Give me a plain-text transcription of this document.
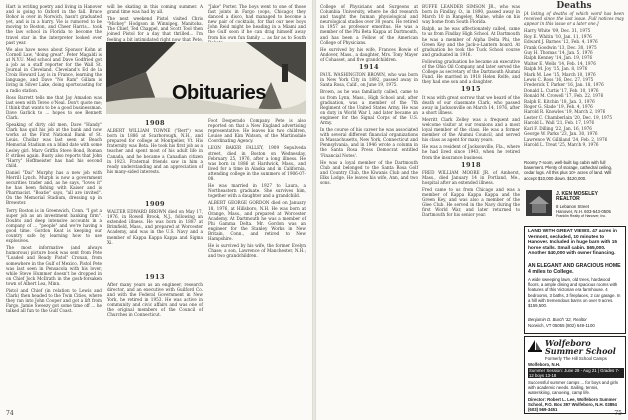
Hart is writing poetry and living in Hanover and is going to Oxford in the fall. Bruce Bohor is over in Norwich, hasn't graduated yet, and is in a hurry. Vie is rumored to be moving to Boston, and Cheer Harris... took the law school in Florida to become the travel star in the interpreter looked over past year.

We also have news about Sponsor Kohn at Cornell Law, "doing great". Peter Magaldi is at N.Y.U. Med school and Dave Godfried got a job as a staff reporter for the Wall St. Journal in Cleveland. Cleveland's Ed de la Croix Howard Lay is in France, learning the language, and Dave "No Ram" Gillam is living in Silver Lake, doing sportscasting for a radio station.

Ross Barrett tells me that Jay Amadon was last seen with Tereo o'Neal. Don't quote me; I think that wants to be a good businessman. Dave Garlick to ... hopes to see Bennett Clark.

Speaking of dirty old men, Dave "Handy" Clark has quit his job at the bank and now works at the First National Bank of St. Louis. Chollar was last seen at Beach Memorial Stadium on a blind date with some Lesley girl. Marv Griffin Steve Bond, Roman P. strikes again. Rusty also reports that John "Harry" Hoffmeister has had his second child.

Daniel "Dai" Murphy has a new job with Merrill Lynch. Murph is now a government securities trader and, as he says, "loves it" he has been fishing with Kaiser and is Pharmacist. "Boatie" says, "all are invited". On the Memorial Stadium, dressing up in Brewster.

Terry Boston is in Greenwich, Conn. "I got a super job as an investment banking firm". Doubts and deep intensive accounts in a company of ... "people" and we're having a good time. Gordon Keat is keeping our country safe by learning how to use explosives.

The most informative (and always humorous) picture book was sent from Pete "Loaded and Ready Pistol" Cronan, from somewhere in the Gulf of Mexico. Pistol Pete was last seen in Pensacola with his lover, while Steve Hummer doesn't be dropped in on Chief Jock McIlrath in the gosh-forsaken town of Albert Lea, Minn.

Pistol and Chief (in relation to Lewis and Clark) then headed to the Twin Cities, where they ran into John Cooper and got a lift from Fargo. Jamie Sweezy got some time off ... he talked all fun to the Gulf Coast.

will be skating in this coming summer. A grand time was had by all.

The next weekend Pistol visited Chris "Mickey" Hodgson in Winnipeg, Manitoba. The Chief, Ted Chappel, and Scott Tool then joined Pistol for a day that thrilled... I'm feeling a bit intimidated right now that Pete,

"Jake" Porter. The boys went to one of those fast joints in Fargo (oops, Chicago) they danced a disco, had managed to become a new pair of cocktails, for that our new boys John Reid might be heading in a Miami and the Gulf soon if he can drag himself away from his own fun family ... as far as to South

Obituaries
1908

ALBERT WILLIAM TOWNE ("Bert") was born in 1886 at Scarborough, N.H., and prepared for college at Montpelier, Vt. His fraternity was Beta. He took his first job as a teacher and spent most of his adult life in Canada, and he became a Canadian citizen in 1923. Fraternal friends saw in him a ready understanding and an appreciation of his many-sided interests.

1909

WALTER EDWARD BROWN died on May 17, 1976, in Rowell Brook, N.J., following an extended illness. He was born in 1887 at Brimfield, Mass., and prepared at Worcester Academy, and was in the U.S. Navy and a member of Kappa Kappa Kappa and Sigma Xi.

1913

After many years as an engineer, research director, and an executive with Guilford Co. and with the Federal Government in New York, he retired in 1953. He was active in community and civic affairs and was one of the original members of the Council of Churches in Connecticut.

Foot Desperado Company. Pete is also reported on that a New England advertising representative. He leaves his two children, Louise and Kim Watson, of the Martinsdale Coordinating Agency.

LEON BAKER FALLEY, 1909 Sepulveda street, died in Boston on Wednesday, February 25, 1976, after a long illness. He was born in 1886 at Hardwick, Mass., and lived for a time in Alaska and in California, attending college in the summers of 1906-07-08.

He was married in 1927 to Laura, a Northeastern graduate. She survives him, together with a daughter and a grandchild.

ALBERT GEORGE GORDON died on January 18, 1976, at Hillsboro, N.H. He was born at Orange, Mass., and prepared at Worcester Academy. At Dartmouth he was a member of Phi Gamma Delta. Mr. Gordon was an engineer for the Stanley Works in New Britain, Conn., and retired to New Hampshire.

He is survived by his wife, the former Evelyn Chase; a son, Lawrence of Manchester, N.H.; and two grandchildren.

74

College of Physicians and Surgeons at Columbia University, where he did research and taught the human physiological and neurological studies over 30 years. He retired in 1957 as professor emeritus. He was a member of the Phi Beta Kappa at Dartmouth, and has been a Fellow of the American College of Physicians.

He survived by his wife, Frances Bowie of Andover, Mass., a daughter, Mrs. Tony Mayer of Cohasset, and five grandchildren.

1914

PAUL WASHINGTON BROWN, who was born in New York City in 1892, passed away in Santa Rosa, Calif., on June 19, 1975.

Brown, as he was familiarly called, came to us from Lynn, Mass., High School and, after graduation, was a member of the 7th Regiment of the United States Army. He was on duty in World War I, and later became an engineer for the Signal Corps of the U.S. Army.

In the course of his career he was associated with several different financial organizations in Massachusetts, New York, Connecticut and Pennsylvania, and in 1946 wrote a column in the Santa Rosa Press Democrat entitled 'Financial Notes'.

He was a loyal member of the Dartmouth Club and belonged to the Santa Rosa Golf and Country Club, the Kiwanis Club and the Elks Lodge. He leaves his wife, Ann, and two sons.

BUFFE LEANDER SIMSON JR., who was born in Findlay, O., in 1890, passed away in March 10 in Rangeley, Maine, while on his way home from South Florida.

Ralph, as he was affectionately called, came to us from Findlay High School. At Dartmouth he was a member of Alpha Delta Phi, the Green Key and the Jack-o-Lantern board. At graduation he took the Tuck School course and graduated in 1916.

Following graduation he became an executive of the Ohio Oil Company and later served the College as secretary of the Dartmouth Alumni Fund. He married in 1918 Helen Rolfe, and they had one son and a daughter.

1915

It was with great sorrow that we heard of the death of our classmate Clark, who passed away in Jacksonville on March 14, 1976, after a short illness.

Merritt Clark Zelley was a frequent and welcome visitor at our reunions and a most loyal member of the class. He was a former member of the Alumni Council, and served his class as agent for many years.

He was a resident of Jacksonville, Fla., where he had lived since 1943, when he retired from the insurance business.

1918

FRED WILLIAM MOORE JR. of Amherst, Mass., died January 14 in Portland, Me., hospital after an extended illness.

Fred came to us from Chicago and was a member of Kappa Kappa Kappa and the Green Key, and was also a member of the Glee Club. He served in the Navy during the first World War, and later returned to Dartmouth for his senior year.

Deaths

[A listing of deaths of which word has been received since the last issue. Full notices may appear in this issue or a later one.]

Harry White '09, Dec. 31, 1975
Roy E. Whitin '10, Jan. 11, 1976
Edward J. Barnes '12, Feb. 4, 1976
Frank Goodwin '13, Dec. 30, 1975
Guy H. Thomas '14, Jan. 5, 1976
Ralph Kenney '14, Jan. 19, 1976
Walter E. Wells '14, Feb. 14, 1976
Ralph M. Joy '15, Jan. 8, 1976
Mark M. Lee '15, March 10, 1976
Lewis C. Ross '16, Dec. 27, 1975
Frederick T. Parker '16, Jan. 18, 1976
Donald L. Curtis '17, Feb. 10, 1976
Ronald M. Crowell '17, Feb. 22, 1976
Ralph E. Kitchin '18, Jan. 3, 1976
Roger G. Slade '19, Feb. 4, 1976
Harold R. Knowles '19, March 2, 1976
Lester C. Chamberlain '20, Dec. 19, 1975
Harold L. Wall '21, Feb. 17, 1976
Karl F. Dilling '22, Jan. 16, 1976
George W. Parks '23, Jan. 30, 1976
Lawrence W. Gilliland '24, Feb. 2, 1976
Harold L. Treat '25, March 9, 1976
Roomy 7-room, well-built log cabin with full basement. Plenty of storage, cathedral ceiling, cedar logs. All this plus 10+ acres of land. Will accept $10,000 down. $120,000.
J. KEN MOSELEY REALTOR
8 Lebanon Street
Hanover, N.H. 603-643-0505
Franklin Realty of Hanover, Inc.
LAND WITH GREAT VIEWS. 47 acres in Vermont, secluded, 10 minutes to Hanover. Included in huge barn with 15 horse stalls. Small cabin. $65,000. Another $40,000 with owner financing.
AN ELEGANT AND GRACIOUS HOME 4 miles to College.
A wide sweeping lawn, old trees, hardwood floors, a ample dining and spacious rooms with features of this Victorian era farmhouse. 4 bedrooms, 3 baths, 3 fireplaces, 2 car garage. In a hill with tremendous barns on over 9 acres. $159,500.
Benjamin D. Burch '32, Realtor
Norwich, VT 05055 (802) 649-1100
Wolfeboro Summer School
Formerly The Hill School Camps
Wolfeboro, N.H.
Summer Session: June 28 - Aug 21 | Grades 7-12 boys 13-18
Successful summer camps ... for boys and girls with academic needs. Sailing, tennis, waterskiing, canoeing, camp life.
Director: Robert L. Lee, Wolfeboro Summer School, P.O. Box 397 Wolfeboro, N.H. 03894 (603) 569-3451
75
